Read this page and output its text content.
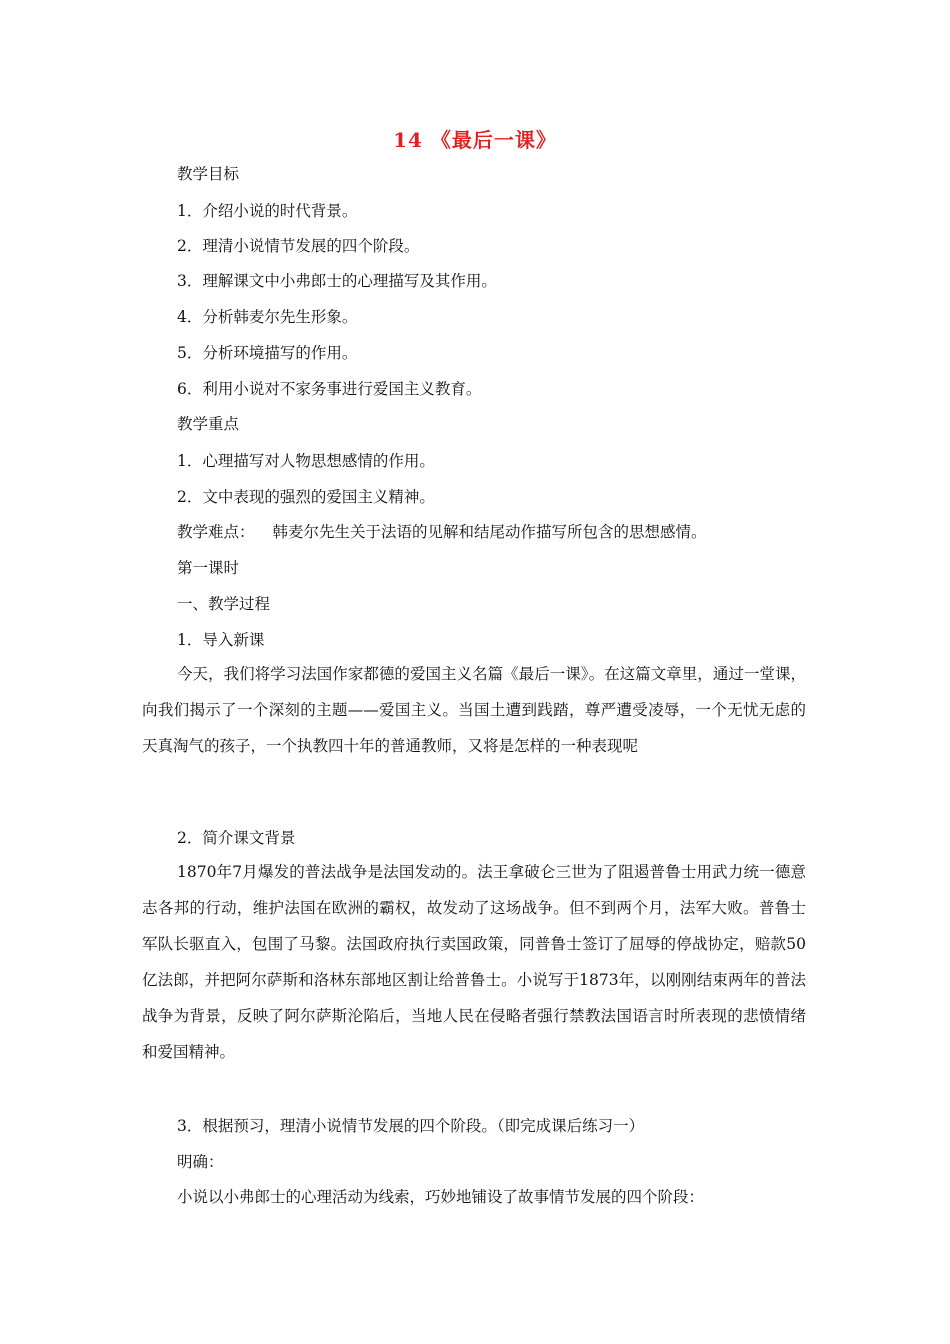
14 《最后一课》
教学目标
1．介绍小说的时代背景。
2．理清小说情节发展的四个阶段。
3．理解课文中小弗郎士的心理描写及其作用。
4．分析韩麦尔先生形象。
5．分析环境描写的作用。
6．利用小说对不家务事进行爱国主义教育。
教学重点
1．心理描写对人物思想感情的作用。
2．文中表现的强烈的爱国主义精神。
教学难点： 韩麦尔先生关于法语的见解和结尾动作描写所包含的思想感情。
第一课时
一、教学过程
1．导入新课
今天，我们将学习法国作家都德的爱国主义名篇《最后一课》。在这篇文章里，通过一堂课，向我们揭示了一个深刻的主题——爱国主义。当国土遭到践踏，尊严遭受凌辱，一个无忧无虑的天真淘气的孩子，一个执教四十年的普通教师，又将是怎样的一种表现呢
2．简介课文背景
1870年7月爆发的普法战争是法国发动的。法王拿破仑三世为了阻遏普鲁士用武力统一德意志各邦的行动，维护法国在欧洲的霸权，故发动了这场战争。但不到两个月，法军大败。普鲁士军队长驱直入，包围了马黎。法国政府执行卖国政策，同普鲁士签订了屈辱的停战协定，赔款50亿法郎，并把阿尔萨斯和洛林东部地区割让给普鲁士。小说写于1873年，以刚刚结束两年的普法战争为背景，反映了阿尔萨斯沦陷后，当地人民在侵略者强行禁教法国语言时所表现的悲愤情绪和爱国精神。
3．根据预习，理清小说情节发展的四个阶段。（即完成课后练习一）
明确：
小说以小弗郎士的心理活动为线索，巧妙地铺设了故事情节发展的四个阶段：
